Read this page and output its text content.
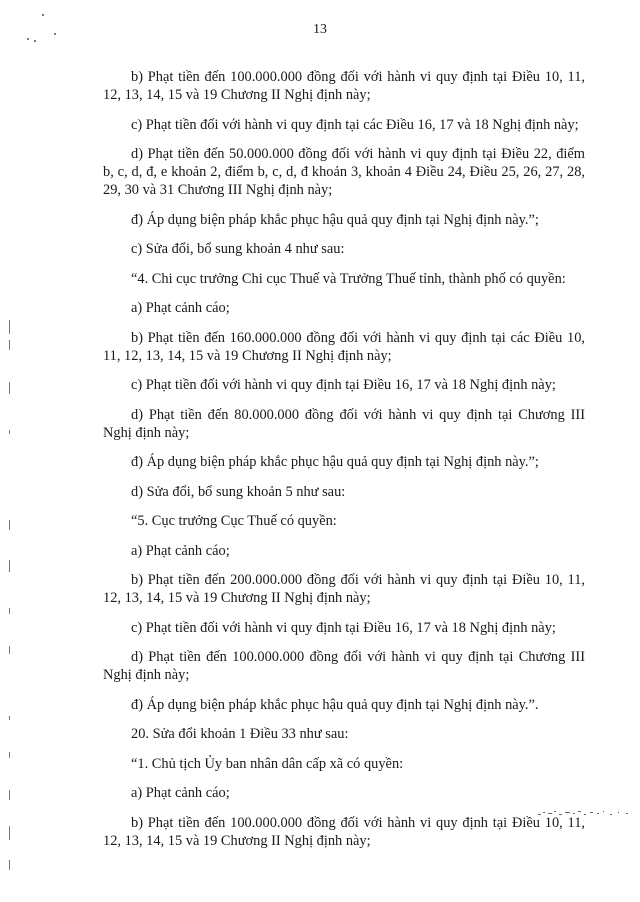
13

b) Phạt tiền đến 100.000.000 đồng đối với hành vi quy định tại Điều 10, 11, 12, 13, 14, 15 và 19 Chương II Nghị định này;

c) Phạt tiền đối với hành vi quy định tại các Điều 16, 17 và 18 Nghị định này;

d) Phạt tiền đến 50.000.000 đồng đối với hành vi quy định tại Điều 22, điểm b, c, d, đ, e khoản 2, điểm b, c, d, đ khoản 3, khoản 4 Điều 24, Điều 25, 26, 27, 28, 29, 30 và 31 Chương III Nghị định này;

đ) Áp dụng biện pháp khắc phục hậu quả quy định tại Nghị định này.”;

c) Sửa đổi, bổ sung khoản 4 như sau:

“4. Chi cục trưởng Chi cục Thuế và Trưởng Thuế tỉnh, thành phố có quyền:

a) Phạt cảnh cáo;

b) Phạt tiền đến 160.000.000 đồng đối với hành vi quy định tại các Điều 10, 11, 12, 13, 14, 15 và 19 Chương II Nghị định này;

c) Phạt tiền đối với hành vi quy định tại Điều 16, 17 và 18 Nghị định này;

d) Phạt tiền đến 80.000.000 đồng đối với hành vi quy định tại Chương III Nghị định này;

đ) Áp dụng biện pháp khắc phục hậu quả quy định tại Nghị định này.”;

d) Sửa đổi, bổ sung khoản 5 như sau:

“5. Cục trưởng Cục Thuế có quyền:

a) Phạt cảnh cáo;

b) Phạt tiền đến 200.000.000 đồng đối với hành vi quy định tại Điều 10, 11, 12, 13, 14, 15 và 19 Chương II Nghị định này;

c) Phạt tiền đối với hành vi quy định tại Điều 16, 17 và 18 Nghị định này;

d) Phạt tiền đến 100.000.000 đồng đối với hành vi quy định tại Chương III Nghị định này;

đ) Áp dụng biện pháp khắc phục hậu quả quy định tại Nghị định này.”.

20. Sửa đổi khoản 1 Điều 33 như sau:

“1. Chủ tịch Ủy ban nhân dân cấp xã có quyền:

a) Phạt cảnh cáo;

b) Phạt tiền đến 100.000.000 đồng đối với hành vi quy định tại Điều 10, 11, 12, 13, 14, 15 và 19 Chương II Nghị định này;
